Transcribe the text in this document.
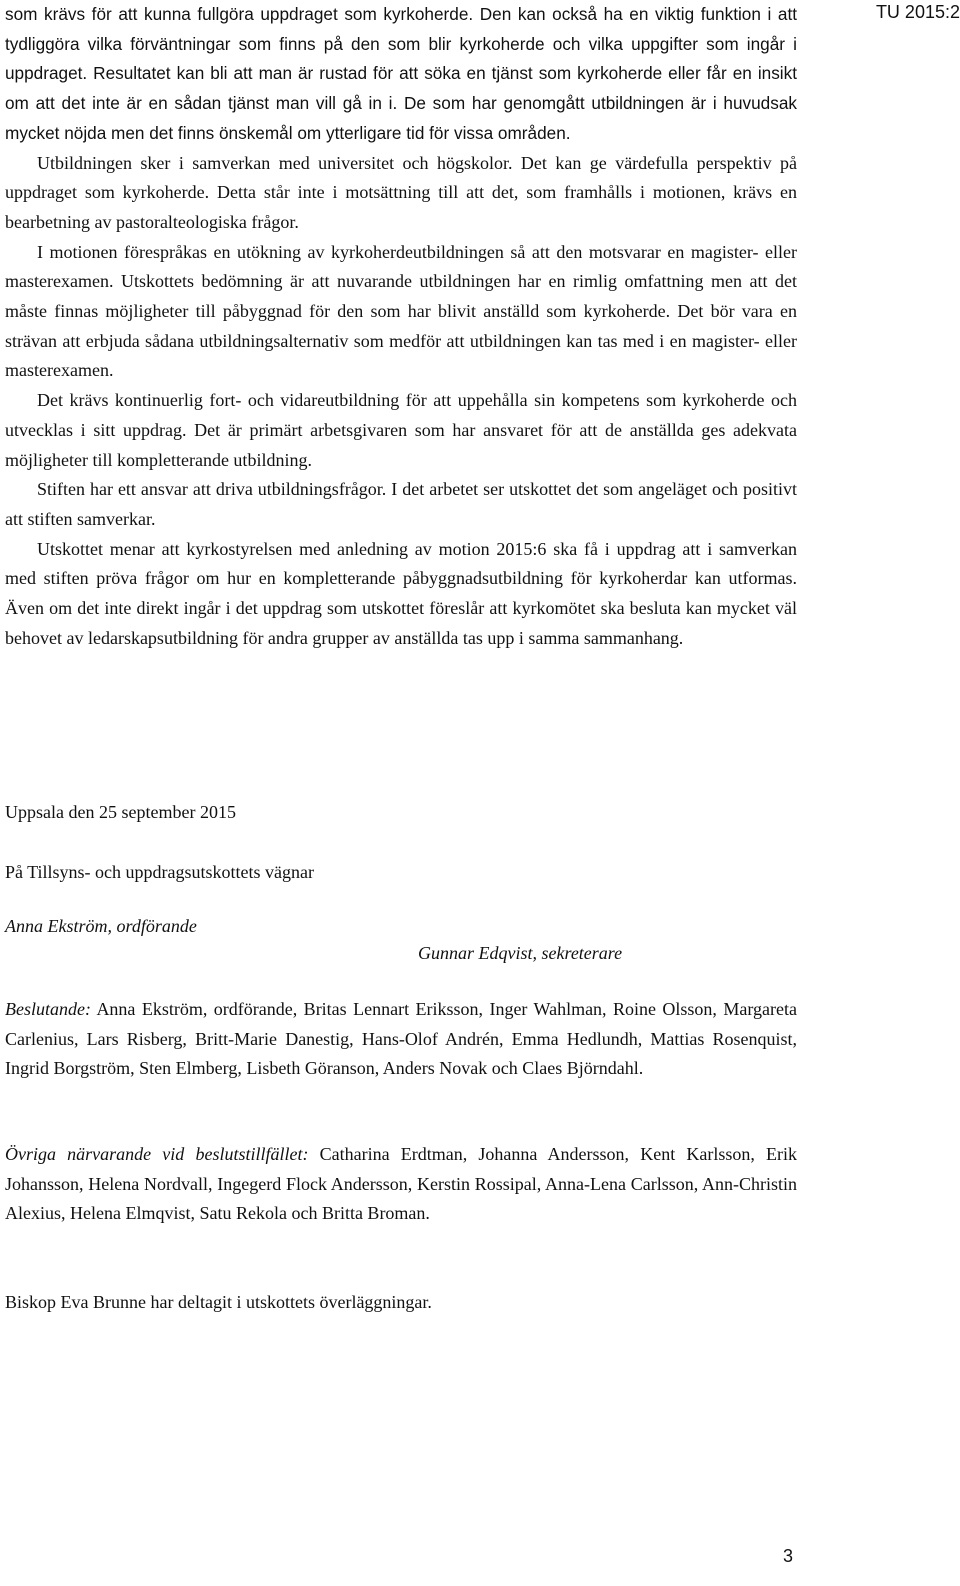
TU 2015:2

som krävs för att kunna fullgöra uppdraget som kyrkoherde. Den kan också ha en viktig funktion i att tydliggöra vilka förväntningar som finns på den som blir kyrkoherde och vilka uppgifter som ingår i uppdraget. Resultatet kan bli att man är rustad för att söka en tjänst som kyrkoherde eller får en insikt om att det inte är en sådan tjänst man vill gå in i. De som har genomgått utbildningen är i huvudsak mycket nöjda men det finns önskemål om ytterligare tid för vissa områden.

Utbildningen sker i samverkan med universitet och högskolor. Det kan ge värdefulla perspektiv på uppdraget som kyrkoherde. Detta står inte i motsättning till att det, som framhålls i motionen, krävs en bearbetning av pastoralteologiska frågor.

I motionen förespråkas en utökning av kyrkoherdeutbildningen så att den motsvarar en magister- eller masterexamen. Utskottets bedömning är att nuvarande utbildningen har en rimlig omfattning men att det måste finnas möjligheter till påbyggnad för den som har blivit anställd som kyrkoherde. Det bör vara en strävan att erbjuda sådana utbildningsalternativ som medför att utbildningen kan tas med i en magister- eller masterexamen.

Det krävs kontinuerlig fort- och vidareutbildning för att uppehålla sin kompetens som kyrkoherde och utvecklas i sitt uppdrag. Det är primärt arbetsgivaren som har ansvaret för att de anställda ges adekvata möjligheter till kompletterande utbildning.

Stiften har ett ansvar att driva utbildningsfrågor. I det arbetet ser utskottet det som angeläget och positivt att stiften samverkar.

Utskottet menar att kyrkostyrelsen med anledning av motion 2015:6 ska få i uppdrag att i samverkan med stiften pröva frågor om hur en kompletterande påbyggnadsutbildning för kyrkoherdar kan utformas. Även om det inte direkt ingår i det uppdrag som utskottet föreslår att kyrkomötet ska besluta kan mycket väl behovet av ledarskapsutbildning för andra grupper av anställda tas upp i samma sammanhang.

Uppsala den 25 september 2015
På Tillsyns- och uppdragsutskottets vägnar
Anna Ekström, ordförande
Gunnar Edqvist, sekreterare

Beslutande: Anna Ekström, ordförande, Britas Lennart Eriksson, Inger Wahlman, Roine Olsson, Margareta Carlenius, Lars Risberg, Britt-Marie Danestig, Hans-Olof Andrén, Emma Hedlundh, Mattias Rosenquist, Ingrid Borgström, Sten Elmberg, Lisbeth Göranson, Anders Novak och Claes Björndahl.

Övriga närvarande vid beslutstillfället: Catharina Erdtman, Johanna Andersson, Kent Karlsson, Erik Johansson, Helena Nordvall, Ingegerd Flock Andersson, Kerstin Rossipal, Anna-Lena Carlsson, Ann-Christin Alexius, Helena Elmqvist, Satu Rekola och Britta Broman.

Biskop Eva Brunne har deltagit i utskottets överläggningar.
3
